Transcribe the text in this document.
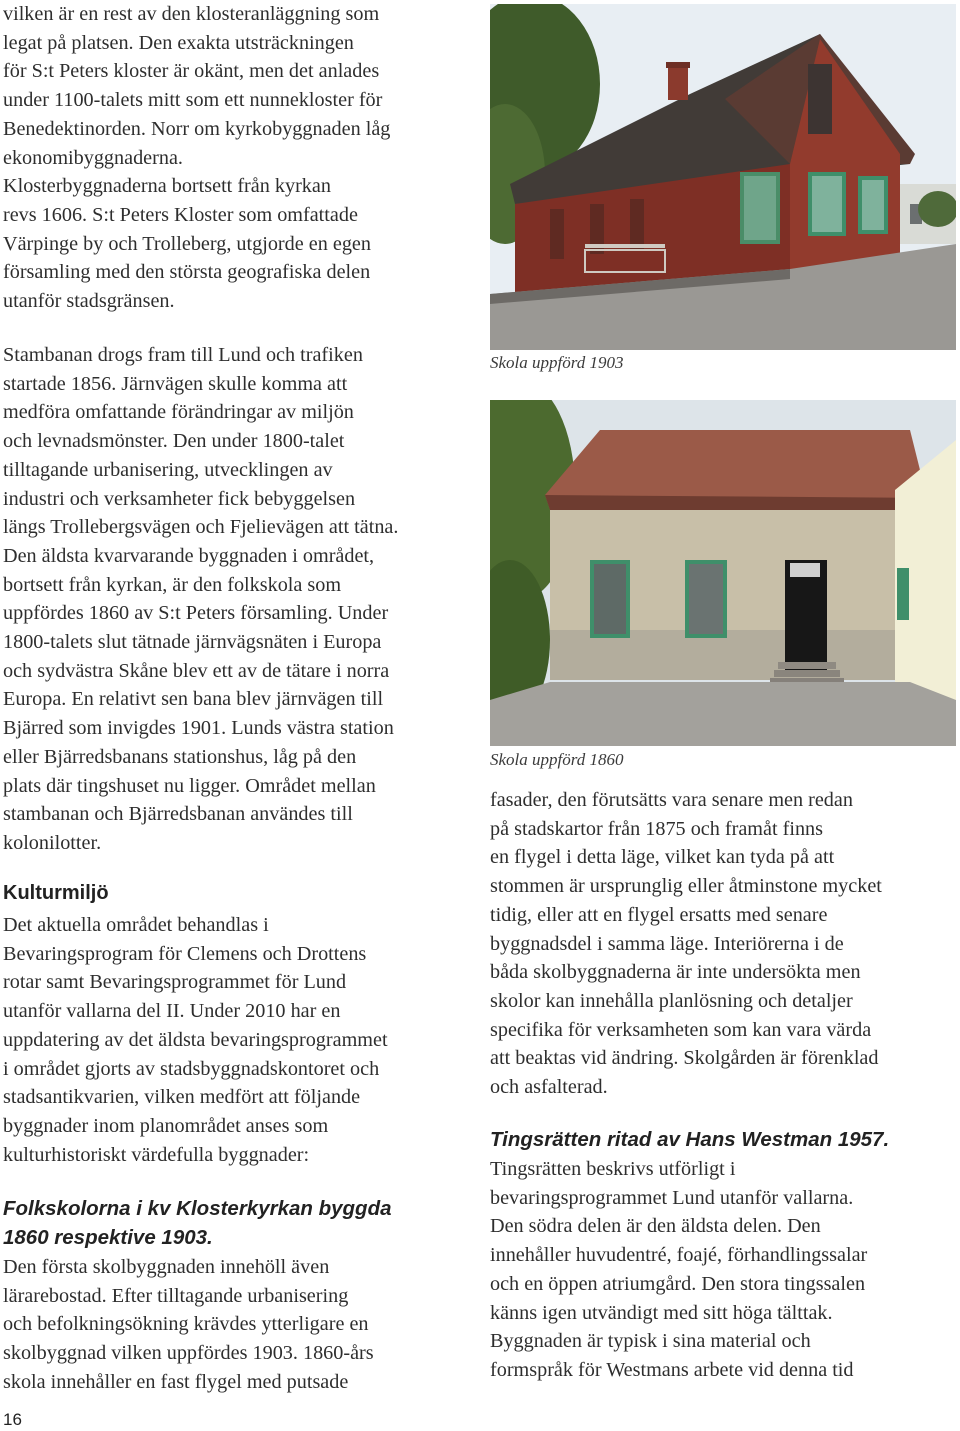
vilken är en rest av den klosteranläggning som
legat på platsen. Den exakta utsträckningen
för S:t Peters kloster är okänt, men det anlades
under 1100-talets mitt som ett nunnekloster för
Benedektinorden. Norr om kyrkobyggnaden låg
ekonomibyggnaderna.
Klosterbyggnaderna bortsett från kyrkan
revs 1606. S:t Peters Kloster som omfattade
Värpinge by och Trolleberg, utgjorde en egen
församling med den största geografiska delen
utanför stadsgränsen.

Stambanan drogs fram till Lund och trafiken
startade 1856. Järnvägen skulle komma att
medföra omfattande förändringar av miljön
och levnadsmönster. Den under 1800-talet
tilltagande urbanisering, utvecklingen av
industri och verksamheter fick bebyggelsen
längs Trollebergsvägen och Fjelievägen att tätna.
Den äldsta kvarvarande byggnaden i området,
bortsett från kyrkan, är den folkskola som
uppfördes 1860 av S:t Peters församling. Under
1800-talets slut tätnade järnvägsnäten i Europa
och sydvästra Skåne blev ett av de tätare i norra
Europa. En relativt sen bana blev järnvägen till
Bjärred som invigdes 1901. Lunds västra station
eller Bjärredsbanans stationshus, låg på den
plats där tingshuset nu ligger. Området mellan
stambanan och Bjärredsbanan användes till
kolonilotter.

Kulturmiljö

Det aktuella området behandlas i
Bevaringsprogram för Clemens och Drottens
rotar samt Bevaringsprogrammet för Lund
utanför vallarna del II. Under 2010 har en
uppdatering av det äldsta bevaringsprogrammet
i området gjorts av stadsbyggnadskontoret och
stadsantikvarien, vilken medfört att följande
byggnader inom planområdet anses som
kulturhistoriskt värdefulla byggnader:

Folkskolorna i kv Klosterkyrkan byggda
1860 respektive 1903.

Den första skolbyggnaden innehöll även
lärarebostad. Efter tilltagande urbanisering
och befolkningsökning krävdes ytterligare en
skolbyggnad vilken uppfördes 1903. 1860-års
skola innehåller en fast flygel med putsade

Skola uppförd 1903
Skola uppförd 1860

fasader, den förutsätts vara senare men redan
på stadskartor från 1875 och framåt finns
en flygel i detta läge, vilket kan tyda på att
stommen är ursprunglig eller åtminstone mycket
tidig, eller att en flygel ersatts med senare
byggnadsdel i samma läge. Interiörerna i de
båda skolbyggnaderna är inte undersökta men
skolor kan innehålla planlösning och detaljer
specifika för verksamheten som kan vara värda
att beaktas vid ändring. Skolgården är förenklad
och asfalterad.

Tingsrätten ritad av Hans Westman 1957.

Tingsrätten beskrivs utförligt i
bevaringsprogrammet Lund utanför vallarna.
Den södra delen är den äldsta delen. Den
innehåller huvudentré, foajé, förhandlingssalar
och en öppen atriumgård. Den stora tingssalen
känns igen utvändigt med sitt höga tälttak.
Byggnaden är typisk i sina material och
formspråk för Westmans arbete vid denna tid

16
